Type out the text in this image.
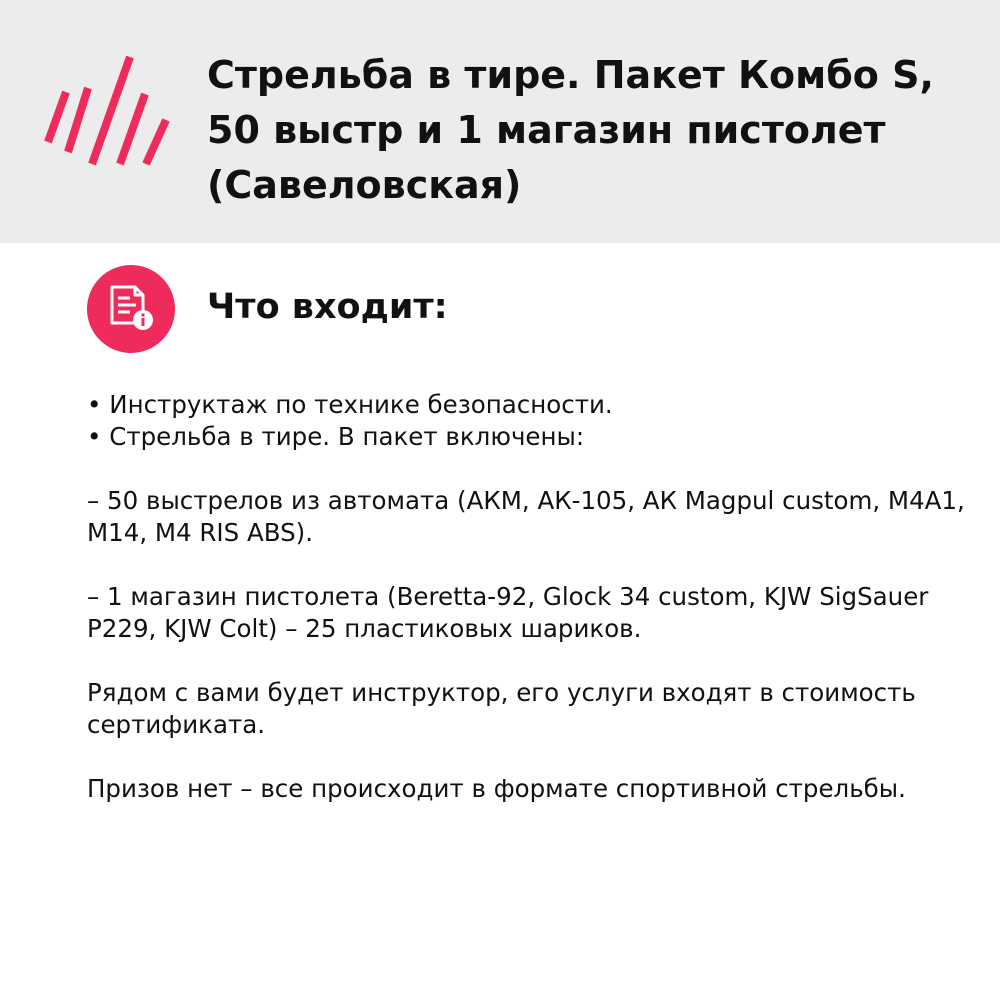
Стрельба в тире. Пакет Комбо S, 50 выстр и 1 магазин пистолет (Савеловская)
Что входит:

• Инструктаж по технике безопасности.

• Стрельба в тире. В пакет включены:

– 50 выстрелов из автомата (АКМ, АК-105, АК Magpul custom, M4A1, M14, M4 RIS ABS).

– 1 магазин пистолета (Beretta-92, Glock 34 custom, KJW SigSauer P229, KJW Colt) – 25 пластиковых шариков.

Рядом с вами будет инструктор, его услуги входят в стоимость сертификата.

Призов нет – все происходит в формате спортивной стрельбы.
